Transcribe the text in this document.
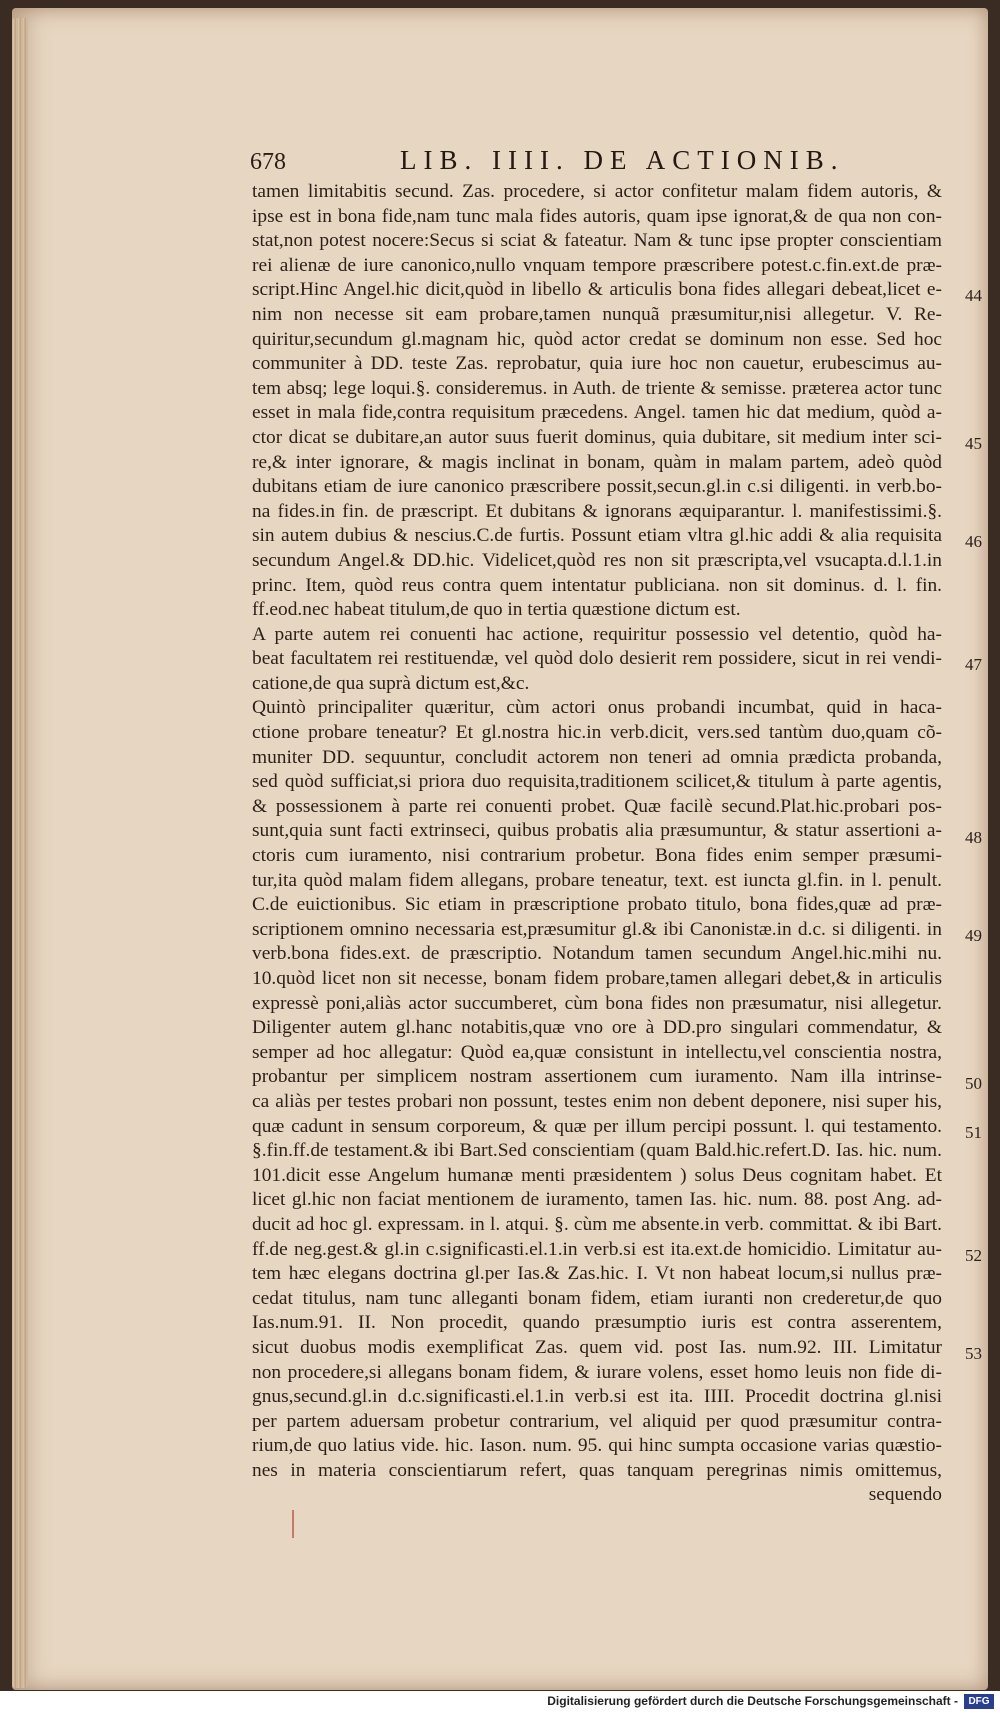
678	LIB. IIII. DE ACTIONIB.
tamen limitabitis secund. Zas. procedere, si actor confitetur malam fidem autoris, &
ipse est in bona fide,nam tunc mala fides autoris, quam ipse ignorat,& de qua non con-
stat,non potest nocere:Secus si sciat & fateatur. Nam & tunc ipse propter conscientiam
rei alienæ de iure canonico,nullo vnquam tempore præscribere potest.c.fin.ext.de præ-
script.Hinc Angel.hic dicit,quòd in libello & articulis bona fides allegari debeat,licet e-
nim non necesse sit eam probare,tamen nunquã præsumitur,nisi allegetur. V. Re-
quiritur,secundum gl.magnam hic, quòd actor credat se dominum non esse. Sed hoc
communiter à DD. teste Zas. reprobatur, quia iure hoc non cauetur, erubescimus au-
tem absq; lege loqui.§. consideremus. in Auth. de triente & semisse. præterea actor tunc
esset in mala fide,contra requisitum præcedens. Angel. tamen hic dat medium, quòd a-
ctor dicat se dubitare,an autor suus fuerit dominus, quia dubitare, sit medium inter sci-
re,& inter ignorare, & magis inclinat in bonam, quàm in malam partem, adeò quòd
dubitans etiam de iure canonico præscribere possit,secun.gl.in c.si diligenti. in verb.bo-
na fides.in fin. de præscript. Et dubitans & ignorans æquiparantur. l. manifestissimi.§.
sin autem dubius & nescius.C.de furtis. Possunt etiam vltra gl.hic addi & alia requisita
secundum Angel.& DD.hic. Videlicet,quòd res non sit præscripta,vel vsucapta.d.l.1.in
princ. Item, quòd reus contra quem intentatur publiciana. non sit dominus. d. l. fin.
ff.eod.nec habeat titulum,de quo in tertia quæstione dictum est.
A parte autem rei conuenti hac actione, requiritur possessio vel detentio, quòd ha-
beat facultatem rei restituendæ, vel quòd dolo desierit rem possidere, sicut in rei vendi-
catione,de qua suprà dictum est,&c.
Quintò principaliter quæritur, cùm actori onus probandi incumbat, quid in haca-
ctione probare teneatur? Et gl.nostra hic.in verb.dicit, vers.sed tantùm duo,quam cõ-
muniter DD. sequuntur, concludit actorem non teneri ad omnia prædicta probanda,
sed quòd sufficiat,si priora duo requisita,traditionem scilicet,& titulum à parte agentis,
& possessionem à parte rei conuenti probet. Quæ facilè secund.Plat.hic.probari pos-
sunt,quia sunt facti extrinseci, quibus probatis alia præsumuntur, & statur assertioni a-
ctoris cum iuramento, nisi contrarium probetur. Bona fides enim semper præsumi-
tur,ita quòd malam fidem allegans, probare teneatur, text. est iuncta gl.fin. in l. penult.
C.de euictionibus. Sic etiam in præscriptione probato titulo, bona fides,quæ ad præ-
scriptionem omnino necessaria est,præsumitur gl.& ibi Canonistæ.in d.c. si diligenti. in
verb.bona fides.ext. de præscriptio. Notandum tamen secundum Angel.hic.mihi nu.
10.quòd licet non sit necesse, bonam fidem probare,tamen allegari debet,& in articulis
expressè poni,aliàs actor succumberet, cùm bona fides non præsumatur, nisi allegetur.
Diligenter autem gl.hanc notabitis,quæ vno ore à DD.pro singulari commendatur, &
semper ad hoc allegatur: Quòd ea,quæ consistunt in intellectu,vel conscientia nostra,
probantur per simplicem nostram assertionem cum iuramento. Nam illa intrinse-
ca aliàs per testes probari non possunt, testes enim non debent deponere, nisi super his,
quæ cadunt in sensum corporeum, & quæ per illum percipi possunt. l. qui testamento.
§.fin.ff.de testament.& ibi Bart.Sed conscientiam (quam Bald.hic.refert.D. Ias. hic. num.
101.dicit esse Angelum humanæ menti præsidentem ) solus Deus cognitam habet. Et
licet gl.hic non faciat mentionem de iuramento, tamen Ias. hic. num. 88. post Ang. ad-
ducit ad hoc gl. expressam. in l. atqui. §. cùm me absente.in verb. committat. & ibi Bart.
ff.de neg.gest.& gl.in c.significasti.el.1.in verb.si est ita.ext.de homicidio. Limitatur au-
tem hæc elegans doctrina gl.per Ias.& Zas.hic. I. Vt non habeat locum,si nullus præ-
cedat titulus, nam tunc alleganti bonam fidem, etiam iuranti non crederetur,de quo
Ias.num.91. II. Non procedit, quando præsumptio iuris est contra asserentem,
sicut duobus modis exemplificat Zas. quem vid. post Ias. num.92. III. Limitatur
non procedere,si allegans bonam fidem, & iurare volens, esset homo leuis non fide di-
gnus,secund.gl.in d.c.significasti.el.1.in verb.si est ita. IIII. Procedit doctrina gl.nisi
per partem aduersam probetur contrarium, vel aliquid per quod præsumitur contra-
rium,de quo latius vide. hic. Iason. num. 95. qui hinc sumpta occasione varias quæstio-
nes in materia conscientiarum refert, quas tanquam peregrinas nimis omittemus,
sequendo
44
45
46
47
48
49
50
51
52
53
Digitalisierung gefördert durch die Deutsche Forschungsgemeinschaft -	DFG
